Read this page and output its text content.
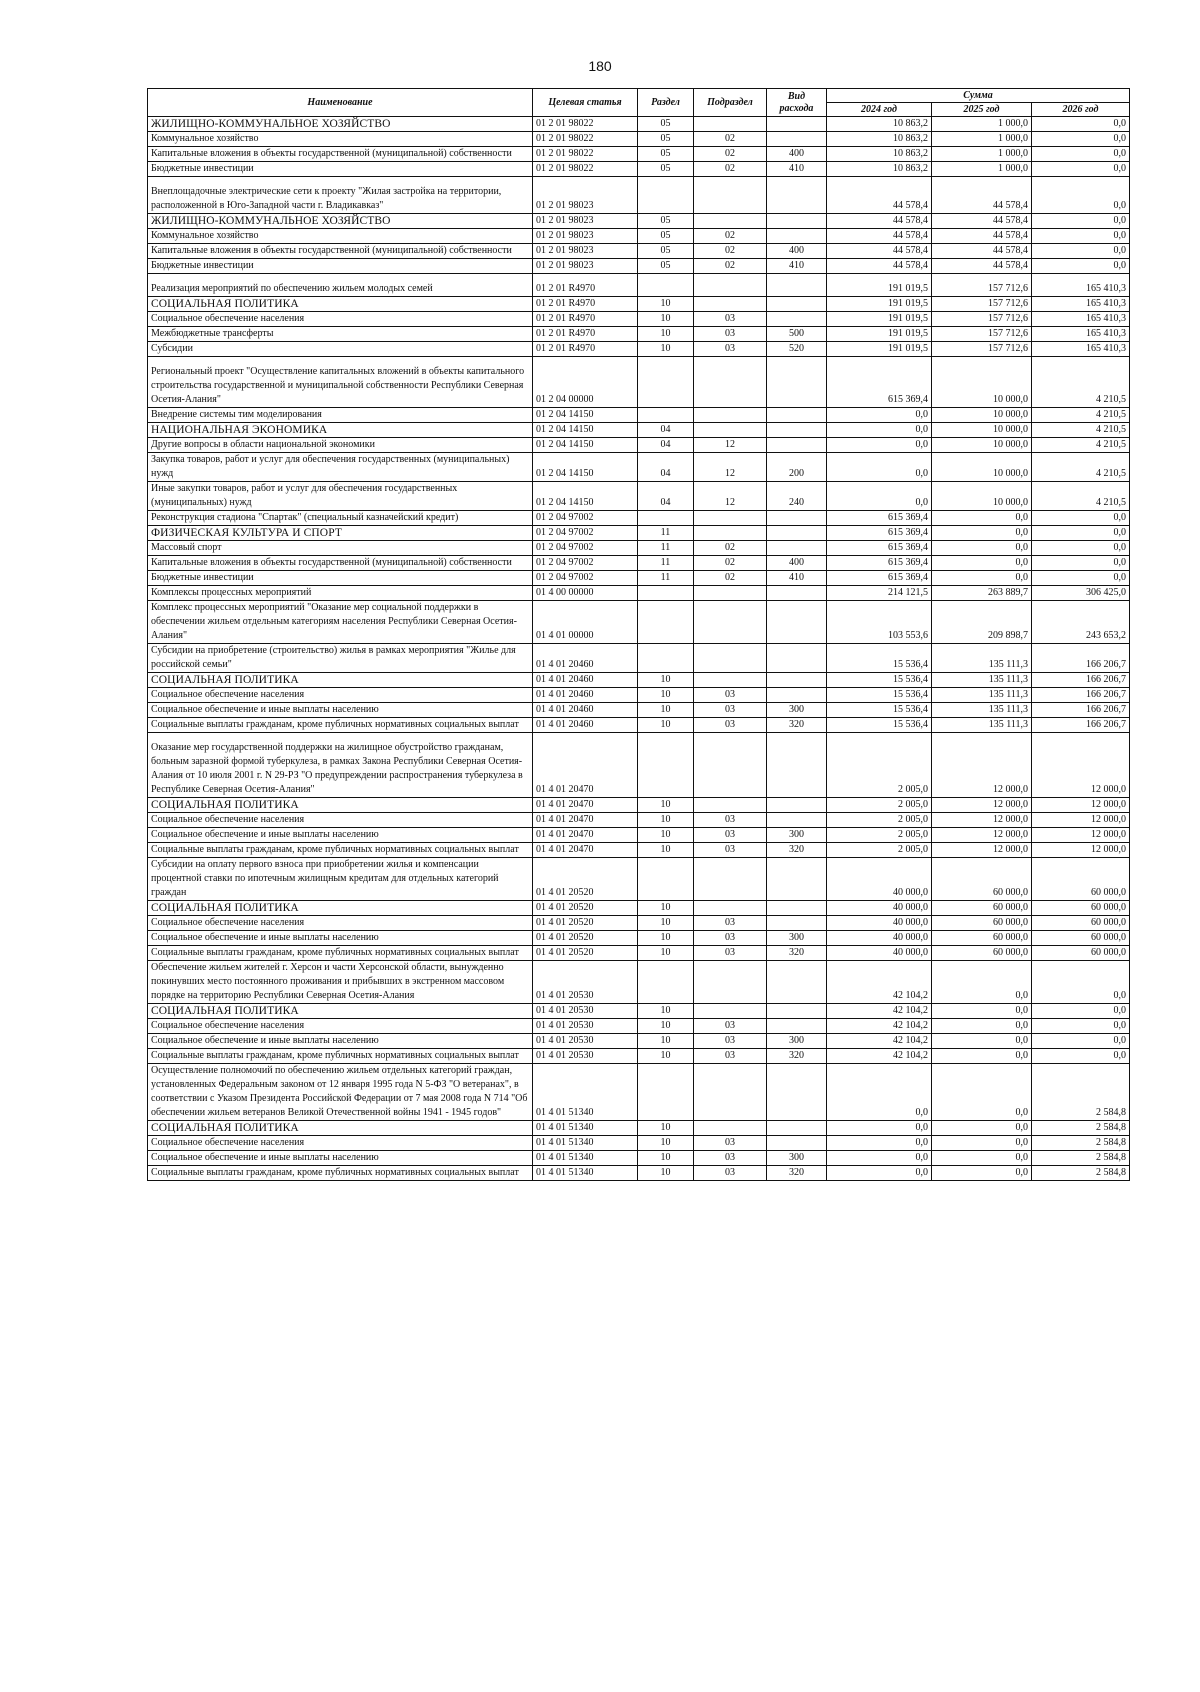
180
Наименование	Целевая статья	Раздел	Подраздел	Вид расхода	Сумма		
					2024 год	2025 год	2026 год
ЖИЛИЩНО-КОММУНАЛЬНОЕ ХОЗЯЙСТВО	01 2 01 98022	05			10 863,2	1 000,0	0,0
Коммунальное хозяйство	01 2 01 98022	05	02		10 863,2	1 000,0	0,0
Капитальные вложения в объекты государственной (муниципальной) собственности	01 2 01 98022	05	02	400	10 863,2	1 000,0	0,0
Бюджетные инвестиции	01 2 01 98022	05	02	410	10 863,2	1 000,0	0,0
Внеплощадочные электрические сети к проекту "Жилая застройка на территории, расположенной в Юго-Западной части г. Владикавказ"	01 2 01 98023				44 578,4	44 578,4	0,0
ЖИЛИЩНО-КОММУНАЛЬНОЕ ХОЗЯЙСТВО	01 2 01 98023	05			44 578,4	44 578,4	0,0
Коммунальное хозяйство	01 2 01 98023	05	02		44 578,4	44 578,4	0,0
Капитальные вложения в объекты государственной (муниципальной) собственности	01 2 01 98023	05	02	400	44 578,4	44 578,4	0,0
Бюджетные инвестиции	01 2 01 98023	05	02	410	44 578,4	44 578,4	0,0
Реализация мероприятий по обеспечению жильем молодых семей	01 2 01 R4970				191 019,5	157 712,6	165 410,3
СОЦИАЛЬНАЯ ПОЛИТИКА	01 2 01 R4970	10			191 019,5	157 712,6	165 410,3
Социальное обеспечение населения	01 2 01 R4970	10	03		191 019,5	157 712,6	165 410,3
Межбюджетные трансферты	01 2 01 R4970	10	03	500	191 019,5	157 712,6	165 410,3
Субсидии	01 2 01 R4970	10	03	520	191 019,5	157 712,6	165 410,3
Региональный проект "Осуществление капитальных вложений в объекты капитального строительства государственной и муниципальной собственности Республики Северная Осетия-Алания"	01 2 04 00000				615 369,4	10 000,0	4 210,5
Внедрение системы тим моделирования	01 2 04 14150				0,0	10 000,0	4 210,5
НАЦИОНАЛЬНАЯ ЭКОНОМИКА	01 2 04 14150	04			0,0	10 000,0	4 210,5
Другие вопросы в области национальной экономики	01 2 04 14150	04	12		0,0	10 000,0	4 210,5
Закупка товаров, работ и услуг для обеспечения государственных (муниципальных) нужд	01 2 04 14150	04	12	200	0,0	10 000,0	4 210,5
Иные закупки товаров, работ и услуг для обеспечения государственных (муниципальных) нужд	01 2 04 14150	04	12	240	0,0	10 000,0	4 210,5
Реконструкция стадиона "Спартак" (специальный казначейский кредит)	01 2 04 97002				615 369,4	0,0	0,0
ФИЗИЧЕСКАЯ КУЛЬТУРА И СПОРТ	01 2 04 97002	11			615 369,4	0,0	0,0
Массовый спорт	01 2 04 97002	11	02		615 369,4	0,0	0,0
Капитальные вложения в объекты государственной (муниципальной) собственности	01 2 04 97002	11	02	400	615 369,4	0,0	0,0
Бюджетные инвестиции	01 2 04 97002	11	02	410	615 369,4	0,0	0,0
Комплексы процессных мероприятий	01 4 00 00000				214 121,5	263 889,7	306 425,0
Комплекс процессных мероприятий "Оказание мер социальной поддержки в обеспечении жильем отдельным категориям населения Республики Северная Осетия-Алания"	01 4 01 00000				103 553,6	209 898,7	243 653,2
Субсидии на приобретение (строительство) жилья в рамках мероприятия "Жилье для российской семьи"	01 4 01 20460				15 536,4	135 111,3	166 206,7
СОЦИАЛЬНАЯ ПОЛИТИКА	01 4 01 20460	10			15 536,4	135 111,3	166 206,7
Социальное обеспечение населения	01 4 01 20460	10	03		15 536,4	135 111,3	166 206,7
Социальное обеспечение и иные выплаты населению	01 4 01 20460	10	03	300	15 536,4	135 111,3	166 206,7
Социальные выплаты гражданам, кроме публичных нормативных социальных выплат	01 4 01 20460	10	03	320	15 536,4	135 111,3	166 206,7
Оказание мер государственной поддержки на жилищное обустройство гражданам, больным заразной формой туберкулеза, в рамках Закона Республики Северная Осетия-Алания от 10 июля 2001 г. N 29-РЗ "О предупреждении распространения туберкулеза в Республике Северная Осетия-Алания"	01 4 01 20470				2 005,0	12 000,0	12 000,0
СОЦИАЛЬНАЯ ПОЛИТИКА	01 4 01 20470	10			2 005,0	12 000,0	12 000,0
Социальное обеспечение населения	01 4 01 20470	10	03		2 005,0	12 000,0	12 000,0
Социальное обеспечение и иные выплаты населению	01 4 01 20470	10	03	300	2 005,0	12 000,0	12 000,0
Социальные выплаты гражданам, кроме публичных нормативных социальных выплат	01 4 01 20470	10	03	320	2 005,0	12 000,0	12 000,0
Субсидии на оплату первого взноса при приобретении жилья и компенсации процентной ставки по ипотечным жилищным кредитам для отдельных категорий граждан	01 4 01 20520				40 000,0	60 000,0	60 000,0
СОЦИАЛЬНАЯ ПОЛИТИКА	01 4 01 20520	10			40 000,0	60 000,0	60 000,0
Социальное обеспечение населения	01 4 01 20520	10	03		40 000,0	60 000,0	60 000,0
Социальное обеспечение и иные выплаты населению	01 4 01 20520	10	03	300	40 000,0	60 000,0	60 000,0
Социальные выплаты гражданам, кроме публичных нормативных социальных выплат	01 4 01 20520	10	03	320	40 000,0	60 000,0	60 000,0
Обеспечение жильем жителей г. Херсон и части Херсонской области, вынужденно покинувших место постоянного проживания и прибывших в экстренном массовом порядке на территорию Республики Северная Осетия-Алания	01 4 01 20530				42 104,2	0,0	0,0
СОЦИАЛЬНАЯ ПОЛИТИКА	01 4 01 20530	10			42 104,2	0,0	0,0
Социальное обеспечение населения	01 4 01 20530	10	03		42 104,2	0,0	0,0
Социальное обеспечение и иные выплаты населению	01 4 01 20530	10	03	300	42 104,2	0,0	0,0
Социальные выплаты гражданам, кроме публичных нормативных социальных выплат	01 4 01 20530	10	03	320	42 104,2	0,0	0,0
Осуществление полномочий по обеспечению жильем отдельных категорий граждан, установленных Федеральным законом от 12 января 1995 года N 5-ФЗ "О ветеранах", в соответствии с Указом Президента Российской Федерации от 7 мая 2008 года N 714 "Об обеспечении жильем ветеранов Великой Отечественной войны 1941 - 1945 годов"	01 4 01 51340				0,0	0,0	2 584,8
СОЦИАЛЬНАЯ ПОЛИТИКА	01 4 01 51340	10			0,0	0,0	2 584,8
Социальное обеспечение населения	01 4 01 51340	10	03		0,0	0,0	2 584,8
Социальное обеспечение и иные выплаты населению	01 4 01 51340	10	03	300	0,0	0,0	2 584,8
Социальные выплаты гражданам, кроме публичных нормативных социальных выплат	01 4 01 51340	10	03	320	0,0	0,0	2 584,8
